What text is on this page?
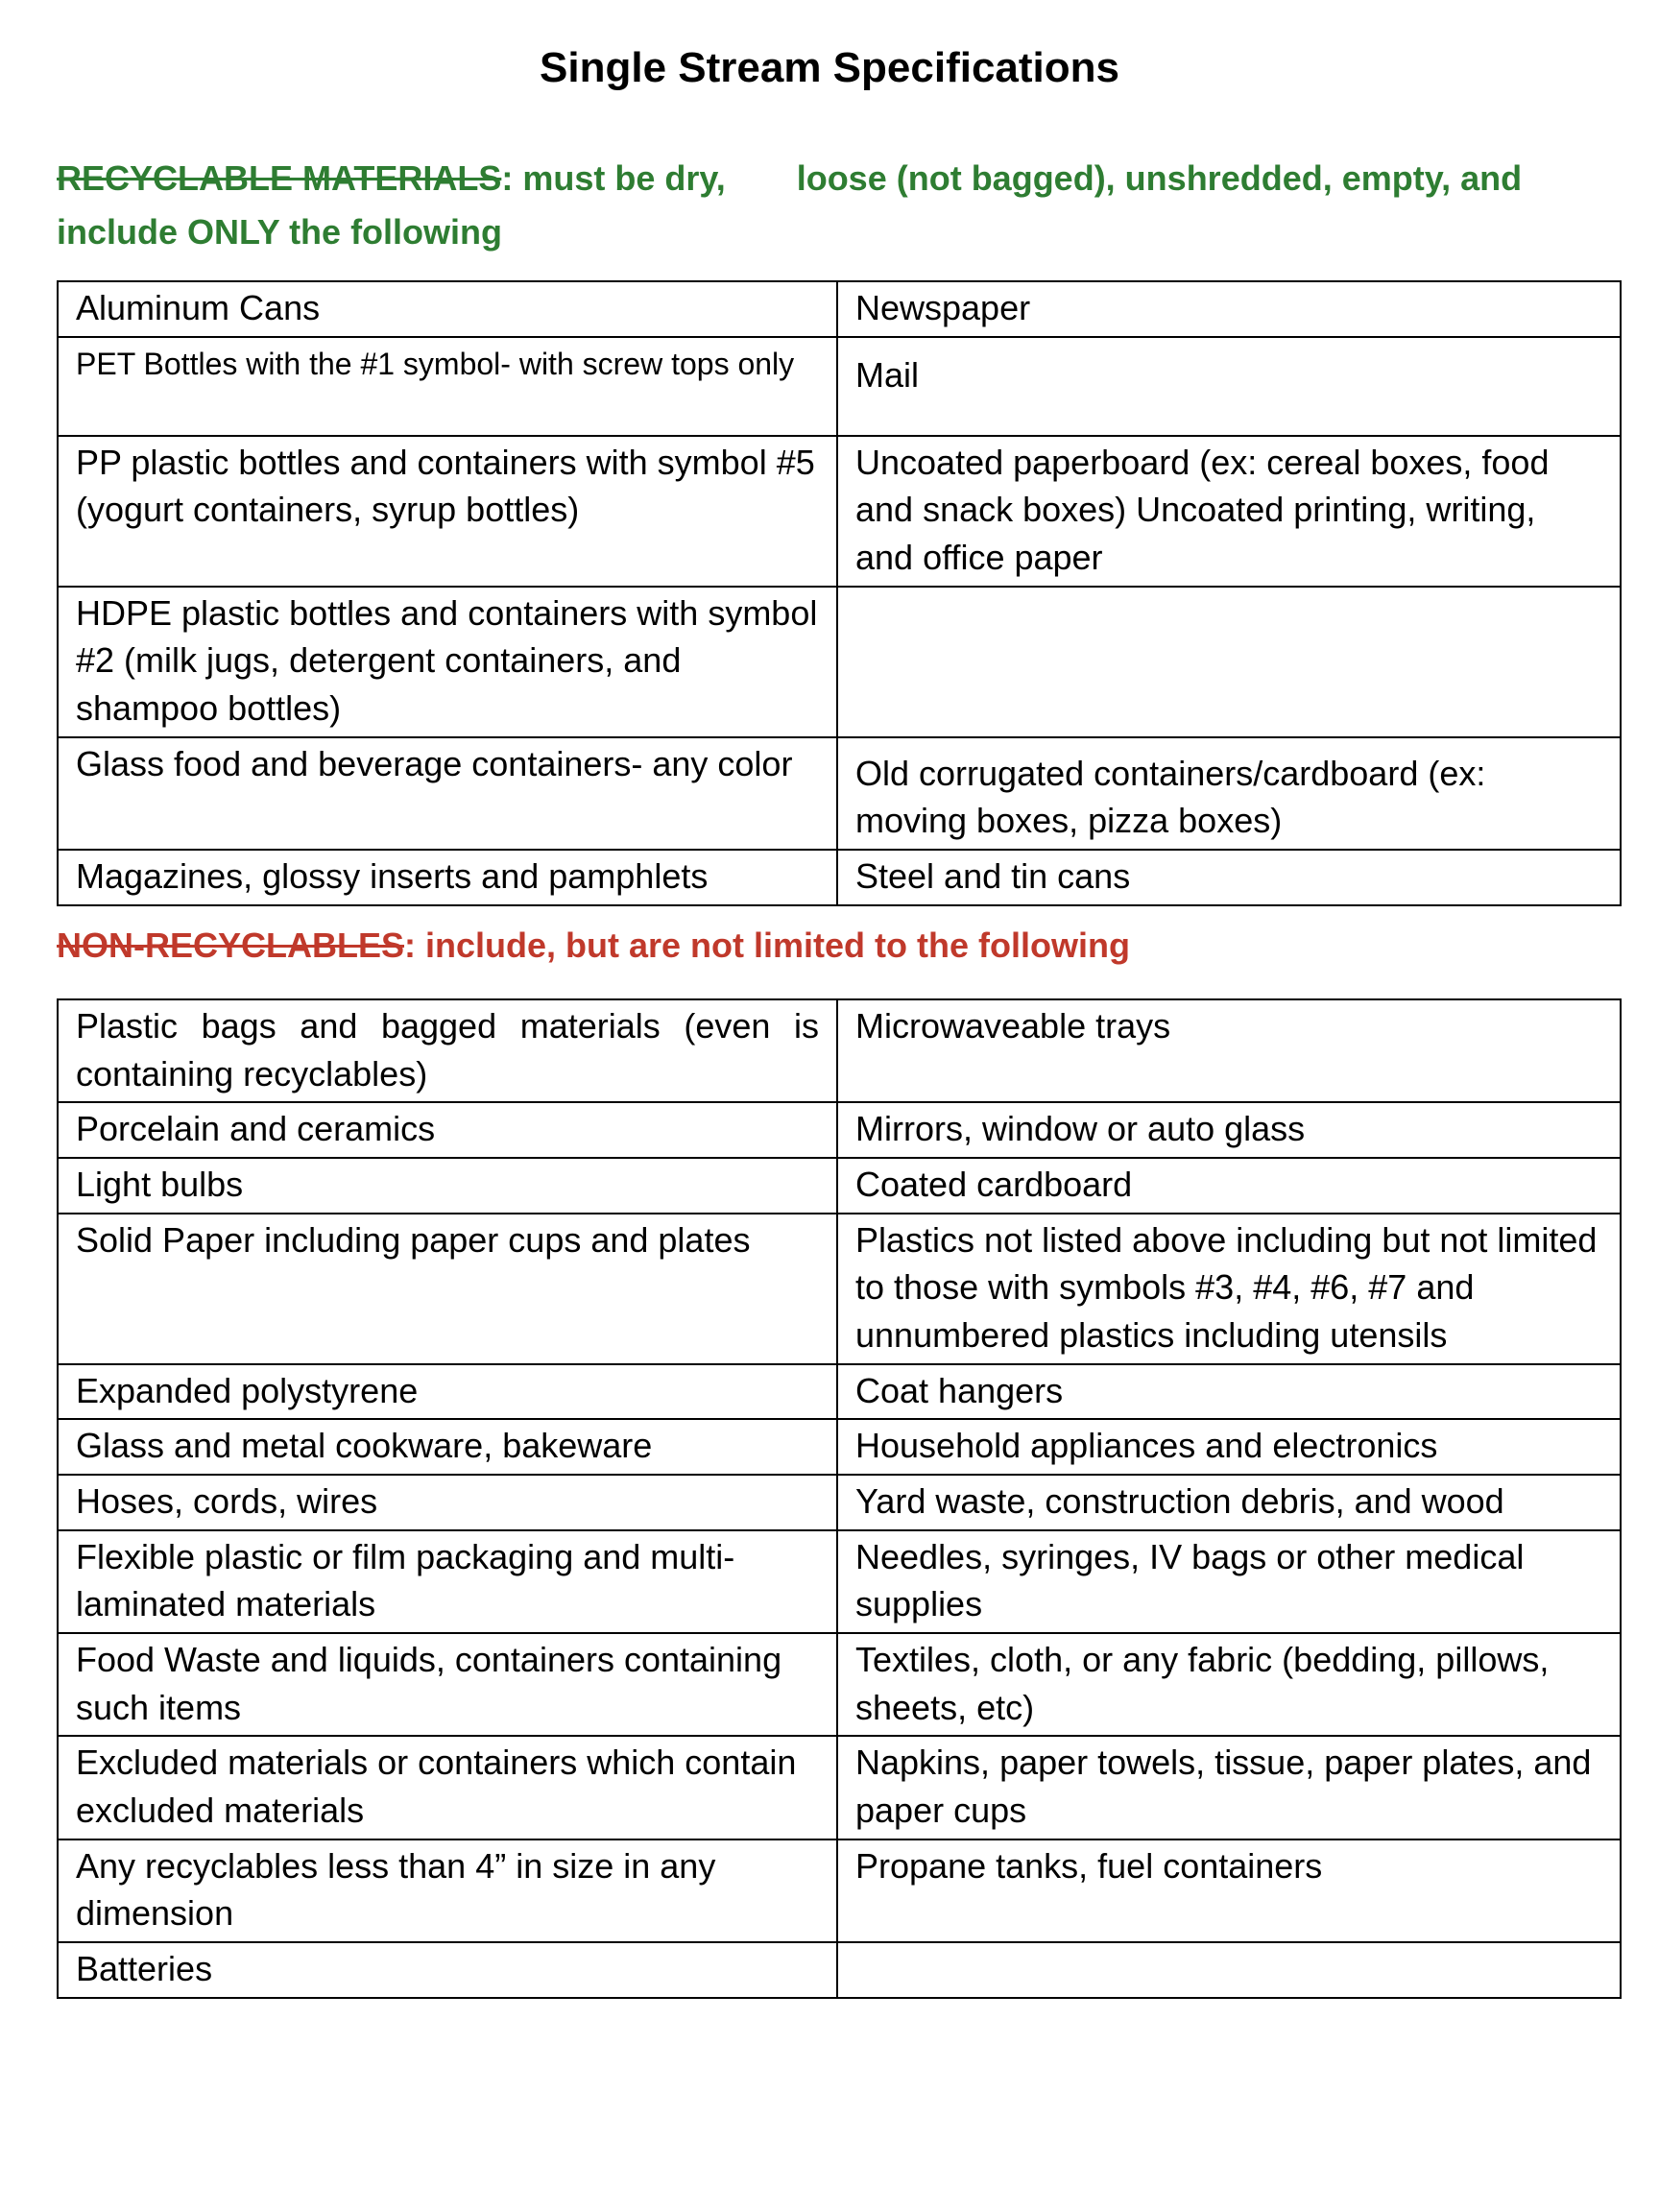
Single Stream Specifications
RECYCLABLE MATERIALS: must be dry, loose (not bagged), unshredded, empty, and
include ONLY the following
Aluminum Cans	Newspaper
PET Bottles with the #1 symbol- with screw tops only	Mail
PP plastic bottles and containers with symbol #5 (yogurt containers, syrup bottles)	Uncoated paperboard (ex: cereal boxes, food and snack boxes) Uncoated printing, writing, and office paper
HDPE plastic bottles and containers with symbol #2 (milk jugs, detergent containers, and shampoo bottles)	
Glass food and beverage containers- any color	Old corrugated containers/cardboard (ex: moving boxes, pizza boxes)
Magazines, glossy inserts and pamphlets	Steel and tin cans
NON-RECYCLABLES: include, but are not limited to the following
Plastic bags and bagged materials (even is containing recyclables)	Microwaveable trays
Porcelain and ceramics	Mirrors, window or auto glass
Light bulbs	Coated cardboard
Solid Paper including paper cups and plates	Plastics not listed above including but not limited to those with symbols #3, #4, #6, #7 and unnumbered plastics including utensils
Expanded polystyrene	Coat hangers
Glass and metal cookware, bakeware	Household appliances and electronics
Hoses, cords, wires	Yard waste, construction debris, and wood
Flexible plastic or film packaging and multi-laminated materials	Needles, syringes, IV bags or other medical supplies
Food Waste and liquids, containers containing such items	Textiles, cloth, or any fabric (bedding, pillows, sheets, etc)
Excluded materials or containers which contain excluded materials	Napkins, paper towels, tissue, paper plates, and paper cups
Any recyclables less than 4” in size in any dimension	Propane tanks, fuel containers
Batteries	
